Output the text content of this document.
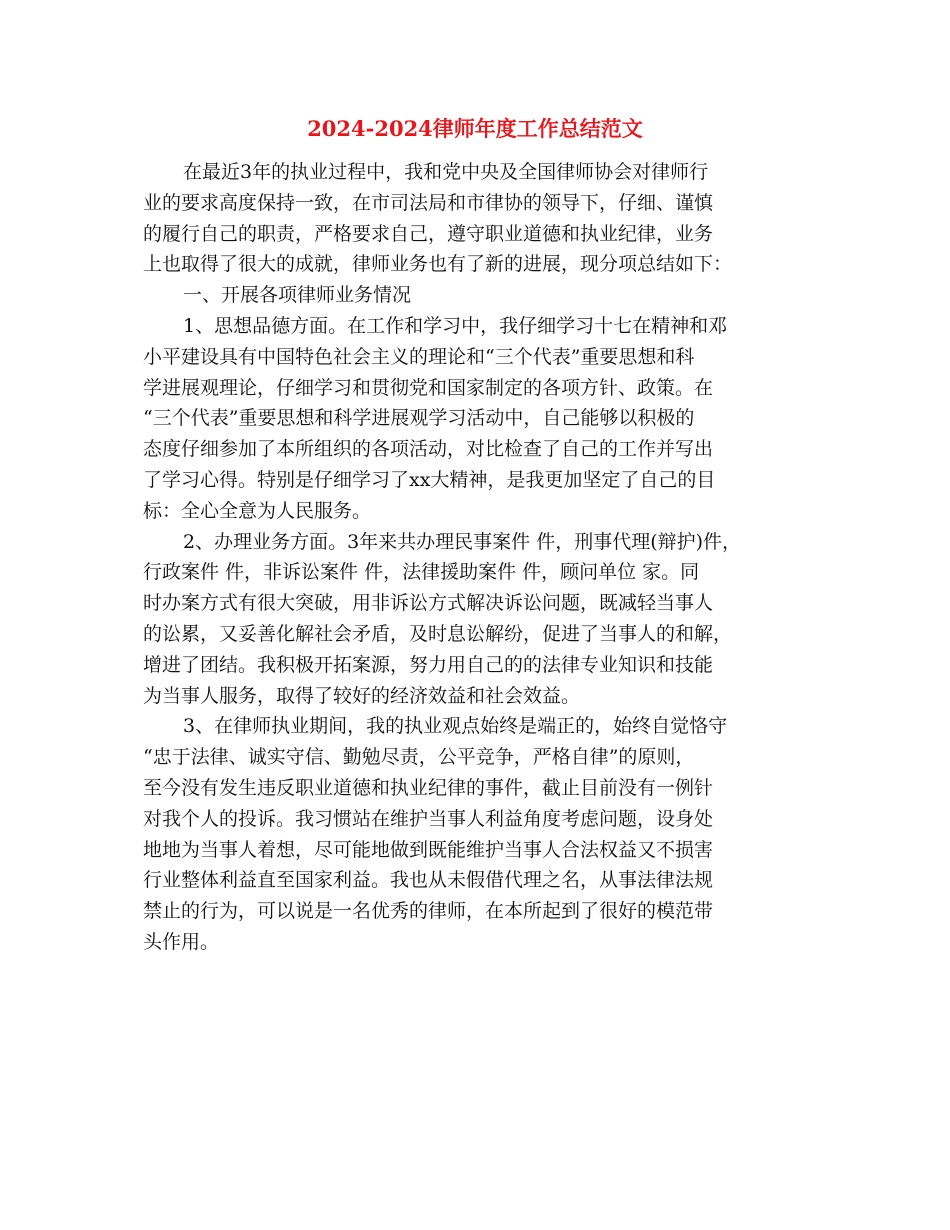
2024-2024律师年度工作总结范文
在最近3年的执业过程中，我和党中央及全国律师协会对律师行
业的要求高度保持一致，在市司法局和市律协的领导下，仔细、谨慎
的履行自己的职责，严格要求自己，遵守职业道德和执业纪律，业务
上也取得了很大的成就，律师业务也有了新的进展，现分项总结如下：
一、开展各项律师业务情况
1、思想品德方面。在工作和学习中，我仔细学习十七在精神和邓
小平建设具有中国特色社会主义的理论和“三个代表”重要思想和科
学进展观理论，仔细学习和贯彻党和国家制定的各项方针、政策。在
“三个代表”重要思想和科学进展观学习活动中，自己能够以积极的
态度仔细参加了本所组织的各项活动，对比检查了自己的工作并写出
了学习心得。特别是仔细学习了xx大精神，是我更加坚定了自己的目
标：全心全意为人民服务。
2、办理业务方面。3年来共办理民事案件 件，刑事代理(辩护)件，
行政案件 件，非诉讼案件 件，法律援助案件 件，顾问单位 家。同
时办案方式有很大突破，用非诉讼方式解决诉讼问题，既减轻当事人
的讼累，又妥善化解社会矛盾，及时息讼解纷，促进了当事人的和解，
增进了团结。我积极开拓案源，努力用自己的的法律专业知识和技能
为当事人服务，取得了较好的经济效益和社会效益。
3、在律师执业期间，我的执业观点始终是端正的，始终自觉恪守
“忠于法律、诚实守信、勤勉尽责，公平竞争，严格自律”的原则，
至今没有发生违反职业道德和执业纪律的事件，截止目前没有一例针
对我个人的投诉。我习惯站在维护当事人利益角度考虑问题，设身处
地地为当事人着想，尽可能地做到既能维护当事人合法权益又不损害
行业整体利益直至国家利益。我也从未假借代理之名，从事法律法规
禁止的行为，可以说是一名优秀的律师，在本所起到了很好的模范带
头作用。
